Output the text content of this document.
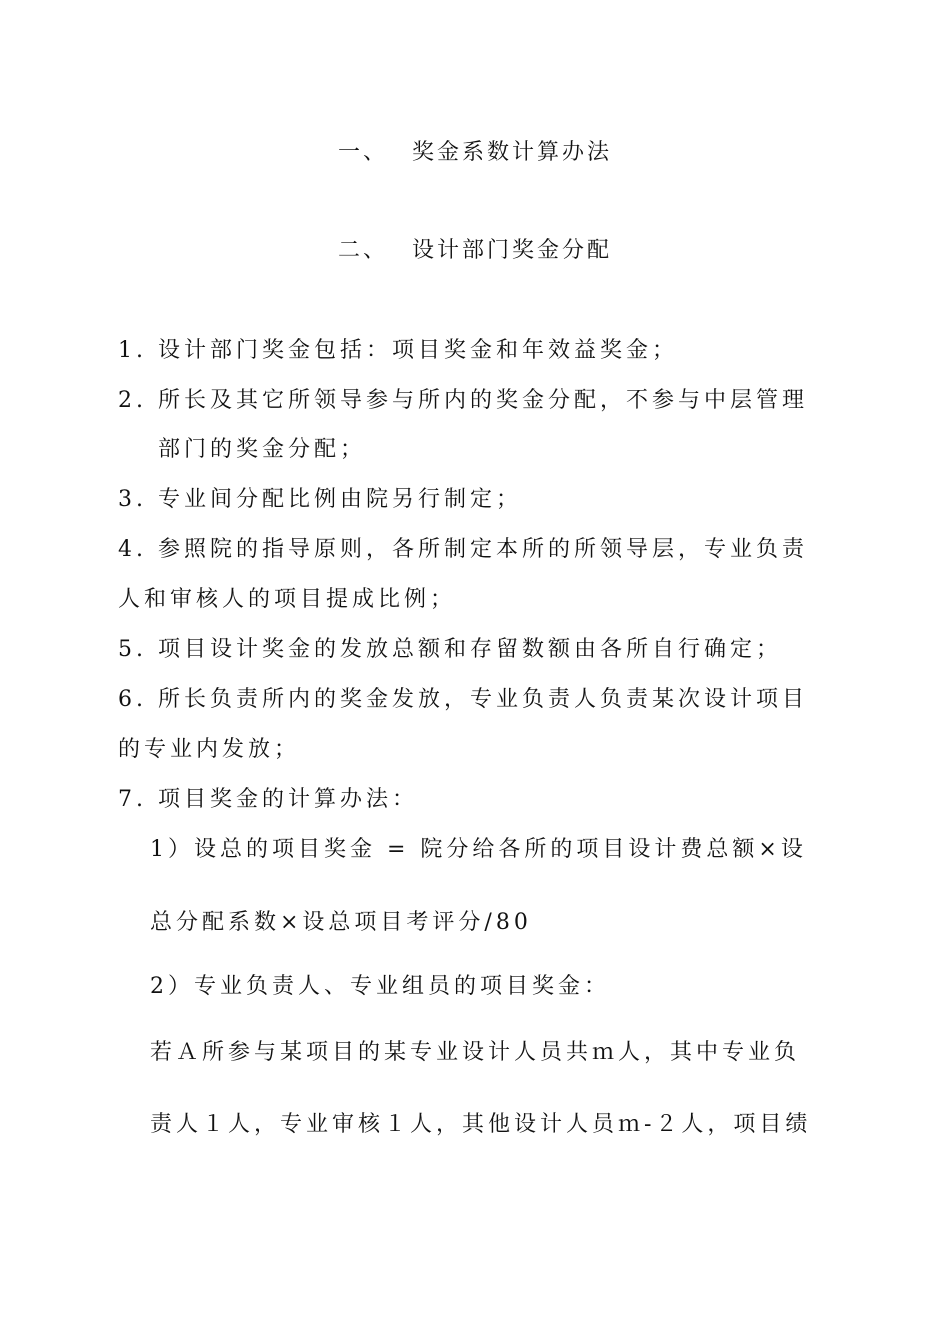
一、 奖金系数计算办法
二、 设计部门奖金分配
1. 设计部门奖金包括：项目奖金和年效益奖金；
2. 所长及其它所领导参与所内的奖金分配，不参与中层管理
部门的奖金分配；
3. 专业间分配比例由院另行制定；
4. 参照院的指导原则，各所制定本所的所领导层，专业负责
人和审核人的项目提成比例；
5. 项目设计奖金的发放总额和存留数额由各所自行确定；
6. 所长负责所内的奖金发放，专业负责人负责某次设计项目
的专业内发放；
7. 项目奖金的计算办法：
1）设总的项目奖金 = 院分给各所的项目设计费总额×设
总分配系数×设总项目考评分/80
2）专业负责人、专业组员的项目奖金：
若Ａ所参与某项目的某专业设计人员共ｍ人，其中专业负
责人１人，专业审核１人，其他设计人员ｍ-２人，项目绩
